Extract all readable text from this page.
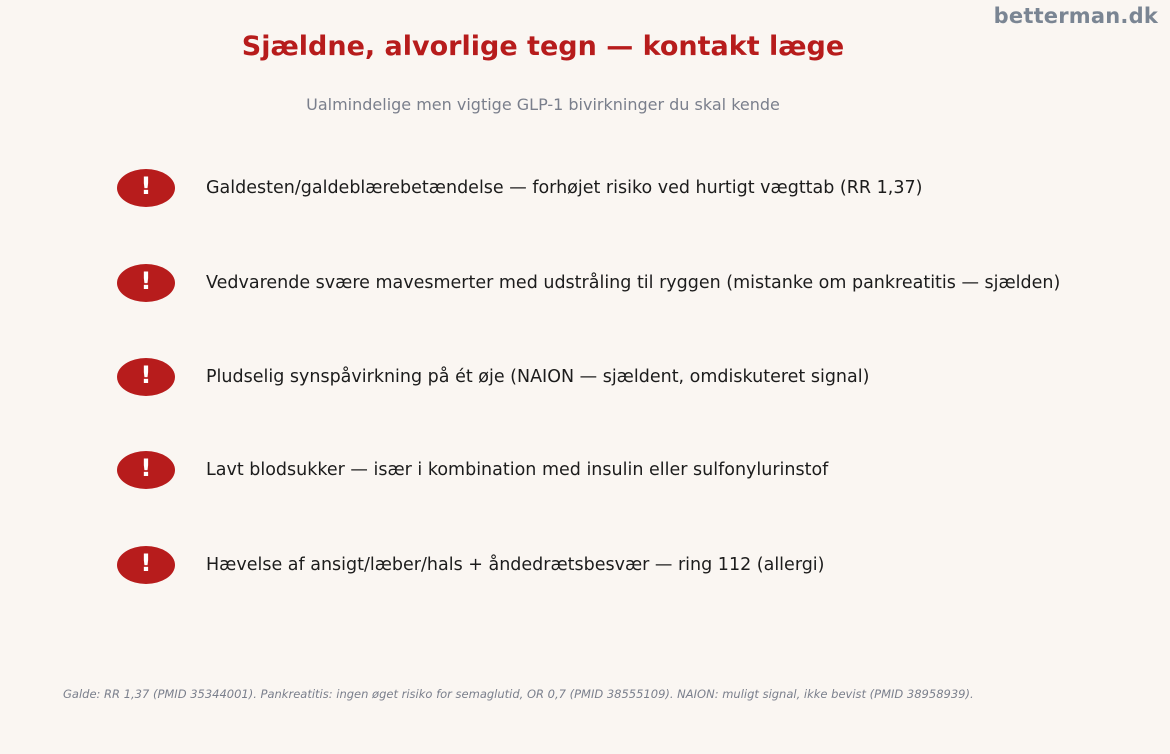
betterman.dk
Sjældne, alvorlige tegn — kontakt læge
Ualmindelige men vigtige GLP-1 bivirkninger du skal kende
!	Galdesten/galdeblærebetændelse — forhøjet risiko ved hurtigt vægttab (RR 1,37)
!	Vedvarende svære mavesmerter med udstråling til ryggen (mistanke om pankreatitis — sjælden)
!	Pludselig synspåvirkning på ét øje (NAION — sjældent, omdiskuteret signal)
!	Lavt blodsukker — især i kombination med insulin eller sulfonylurinstof
!	Hævelse af ansigt/læber/hals + åndedrætsbesvær — ring 112 (allergi)
Galde: RR 1,37 (PMID 35344001). Pankreatitis: ingen øget risiko for semaglutid, OR 0,7 (PMID 38555109). NAION: muligt signal, ikke bevist (PMID 38958939).
